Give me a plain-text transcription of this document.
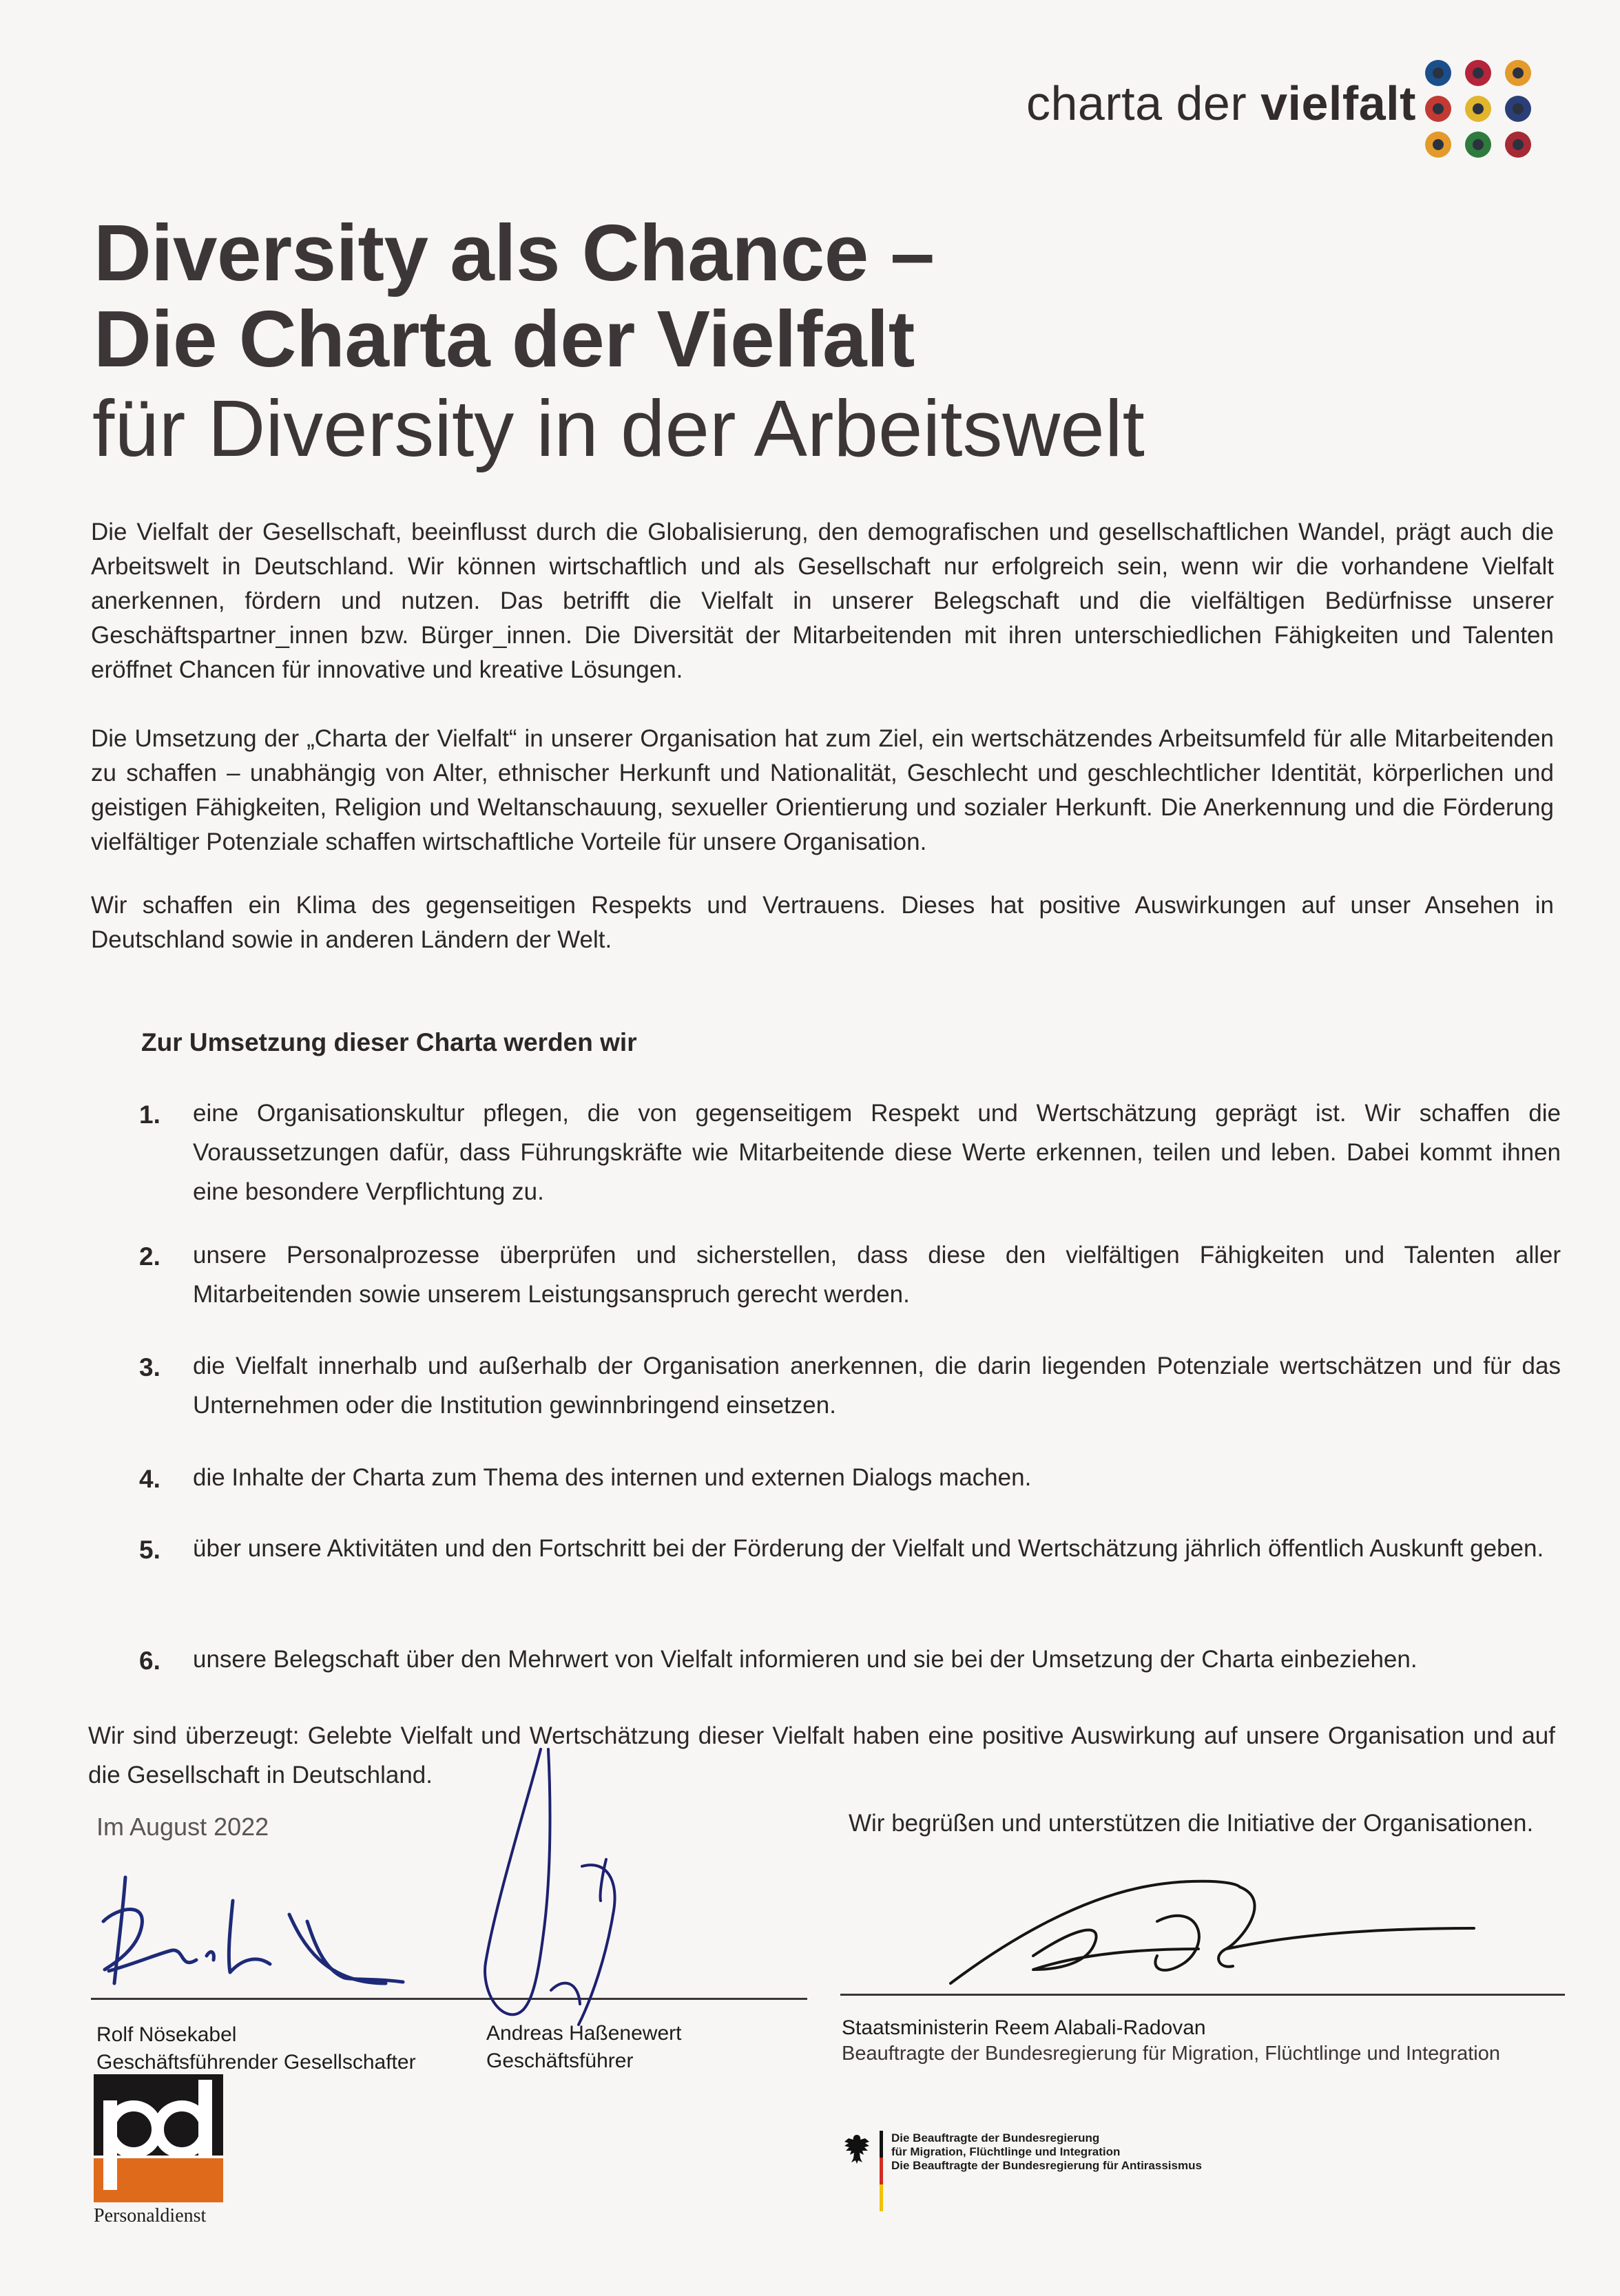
charta der vielfalt
Diversity als Chance –
Die Charta der Vielfalt
für Diversity in der Arbeitswelt
Die Vielfalt der Gesellschaft, beeinflusst durch die Globalisierung, den demografischen und gesellschaftlichen Wandel, prägt auch die Arbeitswelt in Deutschland. Wir können wirtschaftlich und als Gesellschaft nur erfolgreich sein, wenn wir die vorhandene Vielfalt anerkennen, fördern und nutzen. Das betrifft die Vielfalt in unserer Belegschaft und die vielfältigen Bedürfnisse unserer Geschäftspartner_innen bzw. Bürger_innen. Die Diversität der Mitarbeitenden mit ihren unterschiedlichen Fähigkeiten und Talenten eröffnet Chancen für innovative und kreative Lösungen.
Die Umsetzung der „Charta der Vielfalt“ in unserer Organisation hat zum Ziel, ein wertschätzendes Arbeitsumfeld für alle Mitarbeitenden zu schaffen – unabhängig von Alter, ethnischer Herkunft und Nationalität, Geschlecht und geschlechtlicher Identität, körperlichen und geistigen Fähigkeiten, Religion und Weltanschauung, sexueller Orientierung und sozialer Herkunft. Die Anerkennung und die Förderung vielfältiger Potenziale schaffen wirtschaftliche Vorteile für unsere Organisation.
Wir schaffen ein Klima des gegenseitigen Respekts und Vertrauens. Dieses hat positive Auswirkungen auf unser Ansehen in Deutschland sowie in anderen Ländern der Welt.
Zur Umsetzung dieser Charta werden wir
1. eine Organisationskultur pflegen, die von gegenseitigem Respekt und Wertschätzung geprägt ist. Wir schaffen die Voraussetzungen dafür, dass Führungskräfte wie Mitarbeitende diese Werte erkennen, teilen und leben. Dabei kommt ihnen eine besondere Verpflichtung zu.
2. unsere Personalprozesse überprüfen und sicherstellen, dass diese den vielfältigen Fähigkeiten und Talenten aller Mitarbeitenden sowie unserem Leistungsanspruch gerecht werden.
3. die Vielfalt innerhalb und außerhalb der Organisation anerkennen, die darin liegenden Potenziale wertschätzen und für das Unternehmen oder die Institution gewinnbringend einsetzen.
4. die Inhalte der Charta zum Thema des internen und externen Dialogs machen.
5. über unsere Aktivitäten und den Fortschritt bei der Förderung der Vielfalt und Wertschätzung jährlich öffentlich Auskunft geben.
6. unsere Belegschaft über den Mehrwert von Vielfalt informieren und sie bei der Umsetzung der Charta einbeziehen.
Wir sind überzeugt: Gelebte Vielfalt und Wertschätzung dieser Vielfalt haben eine positive Auswirkung auf unsere Organisation und auf die Gesellschaft in Deutschland.
Im August 2022	Wir begrüßen und unterstützen die Initiative der Organisationen.
Rolf Nösekabel
Geschäftsführender Gesellschafter
Andreas Haßenewert
Geschäftsführer
Staatsministerin Reem Alabali-Radovan
Beauftragte der Bundesregierung für Migration, Flüchtlinge und Integration
Personaldienst
Die Beauftragte der Bundesregierung
für Migration, Flüchtlinge und Integration
Die Beauftragte der Bundesregierung für Antirassismus
